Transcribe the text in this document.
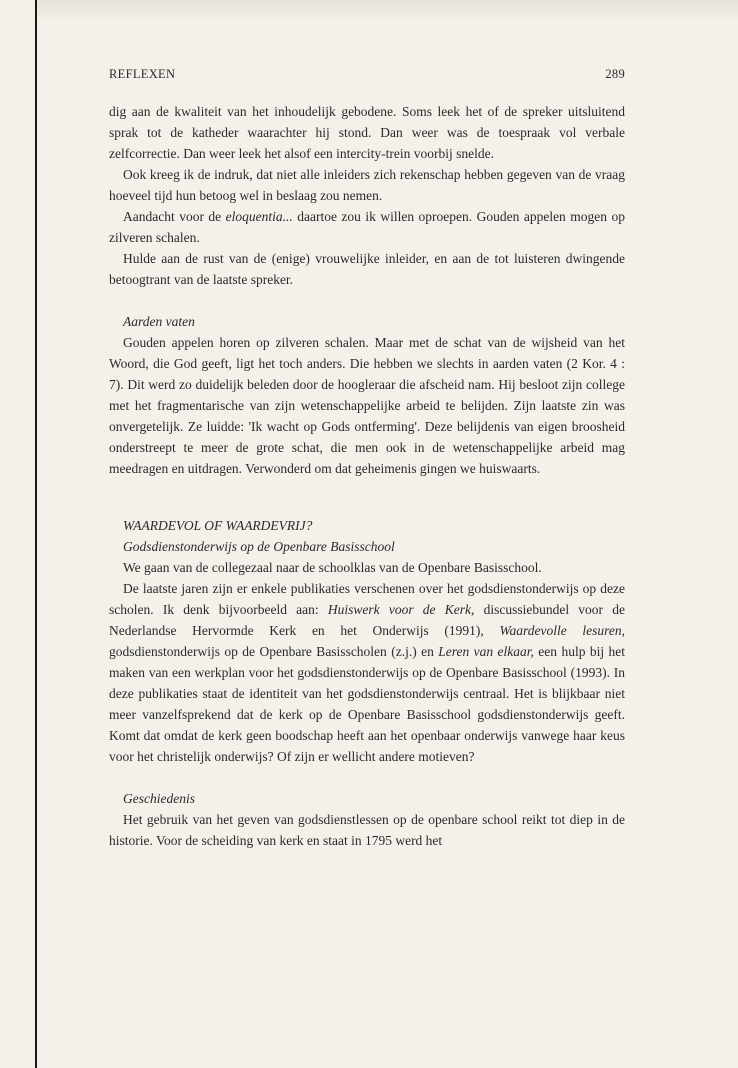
REFLEXEN	289

dig aan de kwaliteit van het inhoudelijk gebodene. Soms leek het of de spreker uitsluitend sprak tot de katheder waarachter hij stond. Dan weer was de toespraak vol verbale zelfcorrectie. Dan weer leek het alsof een intercity-trein voorbij snelde.

Ook kreeg ik de indruk, dat niet alle inleiders zich rekenschap hebben gegeven van de vraag hoeveel tijd hun betoog wel in beslaag zou nemen.

Aandacht voor de eloquentia... daartoe zou ik willen oproepen. Gouden appelen mogen op zilveren schalen.

Hulde aan de rust van de (enige) vrouwelijke inleider, en aan de tot luisteren dwingende betoogtrant van de laatste spreker.

Aarden vaten

Gouden appelen horen op zilveren schalen. Maar met de schat van de wijsheid van het Woord, die God geeft, ligt het toch anders. Die hebben we slechts in aarden vaten (2 Kor. 4 : 7). Dit werd zo duidelijk beleden door de hoogleraar die afscheid nam. Hij besloot zijn college met het fragmentarische van zijn wetenschappelijke arbeid te belijden. Zijn laatste zin was onvergetelijk. Ze luidde: 'Ik wacht op Gods ontferming'. Deze belijdenis van eigen broosheid onderstreept te meer de grote schat, die men ook in de wetenschappelijke arbeid mag meedragen en uitdragen. Verwonderd om dat geheimenis gingen we huiswaarts.

WAARDEVOL OF WAARDEVRIJ?

Godsdienstonderwijs op de Openbare Basisschool

We gaan van de collegezaal naar de schoolklas van de Openbare Basisschool.

De laatste jaren zijn er enkele publikaties verschenen over het godsdienstonderwijs op deze scholen. Ik denk bijvoorbeeld aan: Huiswerk voor de Kerk, discussiebundel voor de Nederlandse Hervormde Kerk en het Onderwijs (1991), Waardevolle lesuren, godsdienstonderwijs op de Openbare Basisscholen (z.j.) en Leren van elkaar, een hulp bij het maken van een werkplan voor het godsdienstonderwijs op de Openbare Basisschool (1993). In deze publikaties staat de identiteit van het godsdienstonderwijs centraal. Het is blijkbaar niet meer vanzelfsprekend dat de kerk op de Openbare Basisschool godsdienstonderwijs geeft. Komt dat omdat de kerk geen boodschap heeft aan het openbaar onderwijs vanwege haar keus voor het christelijk onderwijs? Of zijn er wellicht andere motieven?

Geschiedenis

Het gebruik van het geven van godsdienstlessen op de openbare school reikt tot diep in de historie. Voor de scheiding van kerk en staat in 1795 werd het
